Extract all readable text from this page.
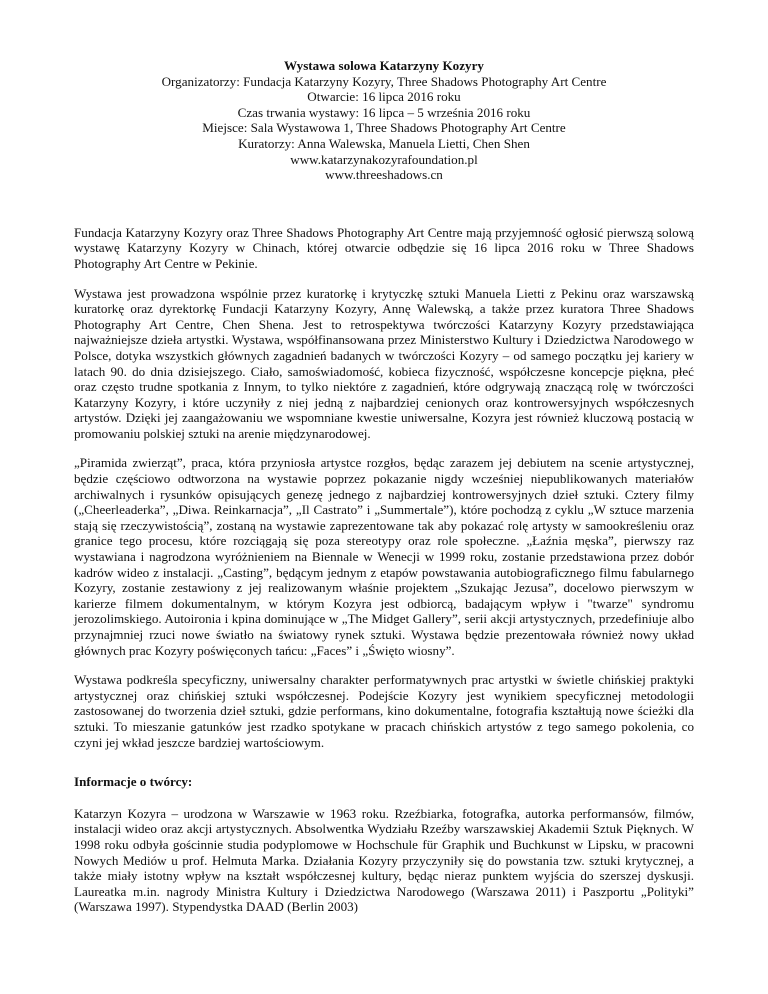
Wystawa solowa Katarzyny Kozyry
Organizatorzy: Fundacja Katarzyny Kozyry, Three Shadows Photography Art Centre
Otwarcie: 16 lipca 2016 roku
Czas trwania wystawy: 16 lipca – 5 września 2016 roku
Miejsce: Sala Wystawowa 1, Three Shadows Photography Art Centre
Kuratorzy: Anna Walewska, Manuela Lietti, Chen Shen
www.katarzynakozyrafoundation.pl
www.threeshadows.cn

Fundacja Katarzyny Kozyry oraz Three Shadows Photography Art Centre mają przyjemność ogłosić pierwszą solową wystawę Katarzyny Kozyry w Chinach, której otwarcie odbędzie się 16 lipca 2016 roku w Three Shadows Photography Art Centre w Pekinie.

Wystawa jest prowadzona wspólnie przez kuratorkę i krytyczkę sztuki Manuela Lietti z Pekinu oraz warszawską kuratorkę oraz dyrektorkę Fundacji Katarzyny Kozyry, Annę Walewską, a także przez kuratora Three Shadows Photography Art Centre, Chen Shena. Jest to retrospektywa twórczości Katarzyny Kozyry przedstawiająca najważniejsze dzieła artystki. Wystawa, współfinansowana przez Ministerstwo Kultury i Dziedzictwa Narodowego w Polsce, dotyka wszystkich głównych zagadnień badanych w twórczości Kozyry – od samego początku jej kariery w latach 90. do dnia dzisiejszego. Ciało, samoświadomość, kobieca fizyczność, współczesne koncepcje piękna, płeć oraz często trudne spotkania z Innym, to tylko niektóre z zagadnień, które odgrywają znaczącą rolę w twórczości Katarzyny Kozyry, i które uczyniły z niej jedną z najbardziej cenionych oraz kontrowersyjnych współczesnych artystów. Dzięki jej zaangażowaniu we wspomniane kwestie uniwersalne, Kozyra jest również kluczową postacią w promowaniu polskiej sztuki na arenie międzynarodowej.

„Piramida zwierząt”, praca, która przyniosła artystce rozgłos, będąc zarazem jej debiutem na scenie artystycznej, będzie częściowo odtworzona na wystawie poprzez pokazanie nigdy wcześniej niepublikowanych materiałów archiwalnych i rysunków opisujących genezę jednego z najbardziej kontrowersyjnych dzieł sztuki. Cztery filmy („Cheerleaderka”, „Diwa. Reinkarnacja”, „Il Castrato” i „Summertale”), które pochodzą z cyklu „W sztuce marzenia stają się rzeczywistością”, zostaną na wystawie zaprezentowane tak aby pokazać rolę artysty w samookreśleniu oraz granice tego procesu, które rozciągają się poza stereotypy oraz role społeczne. „Łaźnia męska”, pierwszy raz wystawiana i nagrodzona wyróżnieniem na Biennale w Wenecji w 1999 roku, zostanie przedstawiona przez dobór kadrów wideo z instalacji. „Casting”, będącym jednym z etapów powstawania autobiograficznego filmu fabularnego Kozyry, zostanie zestawiony z jej realizowanym właśnie projektem „Szukając Jezusa”, docelowo pierwszym w karierze filmem dokumentalnym, w którym Kozyra jest odbiorcą, badającym wpływ i "twarze" syndromu jerozolimskiego. Autoironia i kpina dominujące w „The Midget Gallery”, serii akcji artystycznych, przedefiniuje albo przynajmniej rzuci nowe światło na światowy rynek sztuki. Wystawa będzie prezentowała również nowy układ głównych prac Kozyry poświęconych tańcu: „Faces” i „Święto wiosny”.

Wystawa podkreśla specyficzny, uniwersalny charakter performatywnych prac artystki w świetle chińskiej praktyki artystycznej oraz chińskiej sztuki współczesnej. Podejście Kozyry jest wynikiem specyficznej metodologii zastosowanej do tworzenia dzieł sztuki, gdzie performans, kino dokumentalne, fotografia kształtują nowe ścieżki dla sztuki. To mieszanie gatunków jest rzadko spotykane w pracach chińskich artystów z tego samego pokolenia, co czyni jej wkład jeszcze bardziej wartościowym.

Informacje o twórcy:

Katarzyn Kozyra – urodzona w Warszawie w 1963 roku. Rzeźbiarka, fotografka, autorka performansów, filmów, instalacji wideo oraz akcji artystycznych. Absolwentka Wydziału Rzeźby warszawskiej Akademii Sztuk Pięknych. W 1998 roku odbyła gościnnie studia podyplomowe w Hochschule für Graphik und Buchkunst w Lipsku, w pracowni Nowych Mediów u prof. Helmuta Marka. Działania Kozyry przyczyniły się do powstania tzw. sztuki krytycznej, a także miały istotny wpływ na kształt współczesnej kultury, będąc nieraz punktem wyjścia do szerszej dyskusji. Laureatka m.in. nagrody Ministra Kultury i Dziedzictwa Narodowego (Warszawa 2011) i Paszportu „Polityki” (Warszawa 1997). Stypendystka DAAD (Berlin 2003)
